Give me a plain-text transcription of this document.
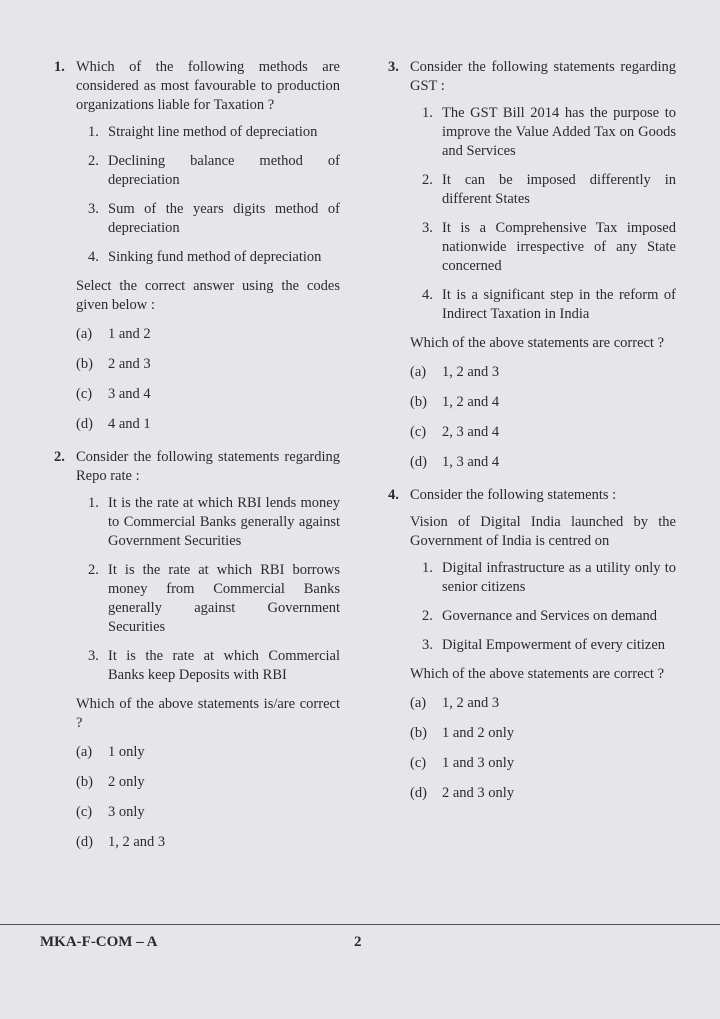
1. Which of the following methods are considered as most favourable to production organizations liable for Taxation ?
1. Straight line method of depreciation
2. Declining balance method of depreciation
3. Sum of the years digits method of depreciation
4. Sinking fund method of depreciation
Select the correct answer using the codes given below :
(a)	1 and 2
(b)	2 and 3
(c)	3 and 4
(d)	4 and 1
2. Consider the following statements regarding Repo rate :
1. It is the rate at which RBI lends money to Commercial Banks generally against Government Securities
2. It is the rate at which RBI borrows money from Commercial Banks generally against Government Securities
3. It is the rate at which Commercial Banks keep Deposits with RBI
Which of the above statements is/are correct ?
(a)	1 only
(b)	2 only
(c)	3 only
(d)	1, 2 and 3
3. Consider the following statements regarding GST :
1. The GST Bill 2014 has the purpose to improve the Value Added Tax on Goods and Services
2. It can be imposed differently in different States
3. It is a Comprehensive Tax imposed nationwide irrespective of any State concerned
4. It is a significant step in the reform of Indirect Taxation in India
Which of the above statements are correct ?
(a)	1, 2 and 3
(b)	1, 2 and 4
(c)	2, 3 and 4
(d)	1, 3 and 4
4. Consider the following statements :
Vision of Digital India launched by the Government of India is centred on
1. Digital infrastructure as a utility only to senior citizens
2. Governance and Services on demand
3. Digital Empowerment of every citizen
Which of the above statements are correct ?
(a)	1, 2 and 3
(b)	1 and 2 only
(c)	1 and 3 only
(d)	2 and 3 only
MKA-F-COM – A	2
